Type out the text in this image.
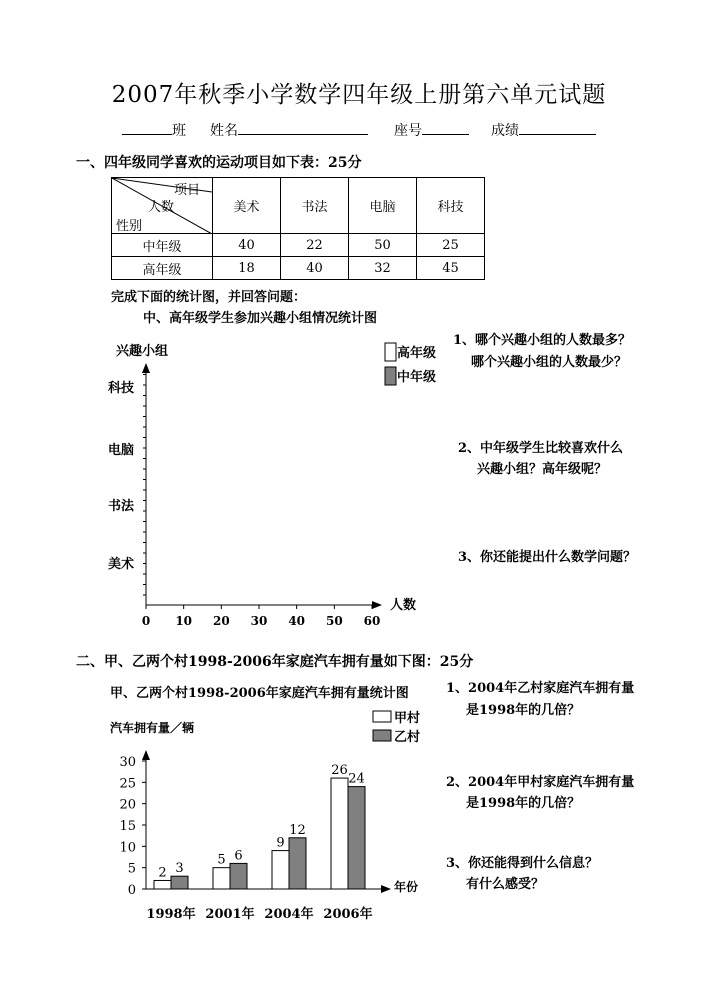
2007年秋季小学数学四年级上册第六单元试题
班 姓名	座号	成绩
一、四年级同学喜欢的运动项目如下表：25分
项目
人数
性别	美术	书法	电脑	科技
中年级	40	22	50	25
高年级	18	40	32	45
完成下面的统计图，并回答问题：
中、高年级学生参加兴趣小组情况统计图
0 10 20 30 40 50 60
美术
书法
电脑
科技
兴趣小组
人数
高年级
中年级
1、哪个兴趣小组的人数最多？
哪个兴趣小组的人数最少？
2、中年级学生比较喜欢什么
兴趣小组？高年级呢？
3、你还能提出什么数学问题？
二、甲、乙两个村1998-2006年家庭汽车拥有量如下图：25分
甲、乙两个村1998-2006年家庭汽车拥有量统计图
汽车拥有量／辆
年份
0
5
10
15
20
25
30
2
5
9
26
3
6
12
24
1998年 2001年 2004年 2006年
甲村
乙村
1、2004年乙村家庭汽车拥有量
是1998年的几倍？
2、2004年甲村家庭汽车拥有量
是1998年的几倍？
3、你还能得到什么信息？
有什么感受？
